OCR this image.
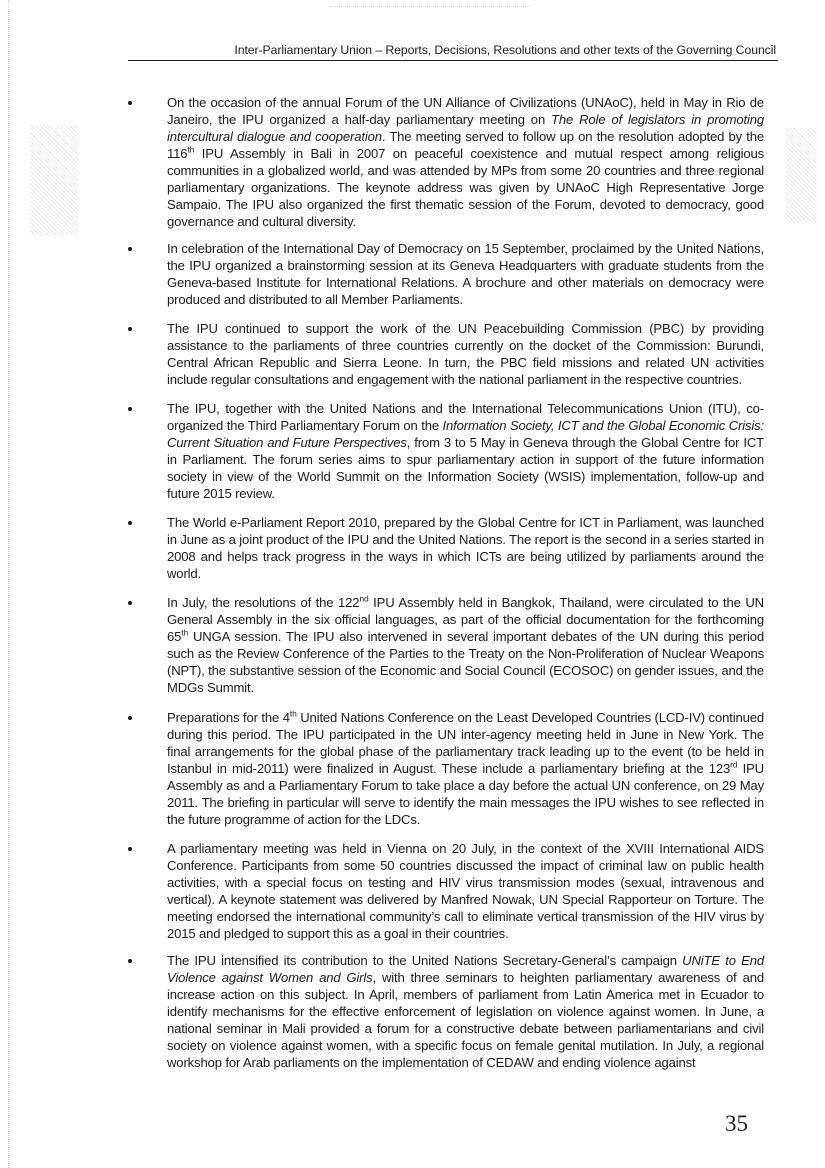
Inter-Parliamentary Union – Reports, Decisions, Resolutions and other texts of the Governing Council

On the occasion of the annual Forum of the UN Alliance of Civilizations (UNAoC), held in May in Rio de Janeiro, the IPU organized a half-day parliamentary meeting on The Role of legislators in promoting intercultural dialogue and cooperation. The meeting served to follow up on the resolution adopted by the 116th IPU Assembly in Bali in 2007 on peaceful coexistence and mutual respect among religious communities in a globalized world, and was attended by MPs from some 20 countries and three regional parliamentary organizations. The keynote address was given by UNAoC High Representative Jorge Sampaio. The IPU also organized the first thematic session of the Forum, devoted to democracy, good governance and cultural diversity.

In celebration of the International Day of Democracy on 15 September, proclaimed by the United Nations, the IPU organized a brainstorming session at its Geneva Headquarters with graduate students from the Geneva-based Institute for International Relations. A brochure and other materials on democracy were produced and distributed to all Member Parliaments.

The IPU continued to support the work of the UN Peacebuilding Commission (PBC) by providing assistance to the parliaments of three countries currently on the docket of the Commission: Burundi, Central African Republic and Sierra Leone. In turn, the PBC field missions and related UN activities include regular consultations and engagement with the national parliament in the respective countries.

The IPU, together with the United Nations and the International Telecommunications Union (ITU), co-organized the Third Parliamentary Forum on the Information Society, ICT and the Global Economic Crisis: Current Situation and Future Perspectives, from 3 to 5 May in Geneva through the Global Centre for ICT in Parliament. The forum series aims to spur parliamentary action in support of the future information society in view of the World Summit on the Information Society (WSIS) implementation, follow-up and future 2015 review.

The World e-Parliament Report 2010, prepared by the Global Centre for ICT in Parliament, was launched in June as a joint product of the IPU and the United Nations. The report is the second in a series started in 2008 and helps track progress in the ways in which ICTs are being utilized by parliaments around the world.

In July, the resolutions of the 122nd IPU Assembly held in Bangkok, Thailand, were circulated to the UN General Assembly in the six official languages, as part of the official documentation for the forthcoming 65th UNGA session. The IPU also intervened in several important debates of the UN during this period such as the Review Conference of the Parties to the Treaty on the Non-Proliferation of Nuclear Weapons (NPT), the substantive session of the Economic and Social Council (ECOSOC) on gender issues, and the MDGs Summit.

Preparations for the 4th United Nations Conference on the Least Developed Countries (LCD-IV) continued during this period. The IPU participated in the UN inter-agency meeting held in June in New York. The final arrangements for the global phase of the parliamentary track leading up to the event (to be held in Istanbul in mid-2011) were finalized in August. These include a parliamentary briefing at the 123rd IPU Assembly as and a Parliamentary Forum to take place a day before the actual UN conference, on 29 May 2011. The briefing in particular will serve to identify the main messages the IPU wishes to see reflected in the future programme of action for the LDCs.

A parliamentary meeting was held in Vienna on 20 July, in the context of the XVIII International AIDS Conference. Participants from some 50 countries discussed the impact of criminal law on public health activities, with a special focus on testing and HIV virus transmission modes (sexual, intravenous and vertical). A keynote statement was delivered by Manfred Nowak, UN Special Rapporteur on Torture. The meeting endorsed the international community’s call to eliminate vertical transmission of the HIV virus by 2015 and pledged to support this as a goal in their countries.

The IPU intensified its contribution to the United Nations Secretary-General’s campaign UNiTE to End Violence against Women and Girls, with three seminars to heighten parliamentary awareness of and increase action on this subject. In April, members of parliament from Latin America met in Ecuador to identify mechanisms for the effective enforcement of legislation on violence against women. In June, a national seminar in Mali provided a forum for a constructive debate between parliamentarians and civil society on violence against women, with a specific focus on female genital mutilation. In July, a regional workshop for Arab parliaments on the implementation of CEDAW and ending violence against

35
